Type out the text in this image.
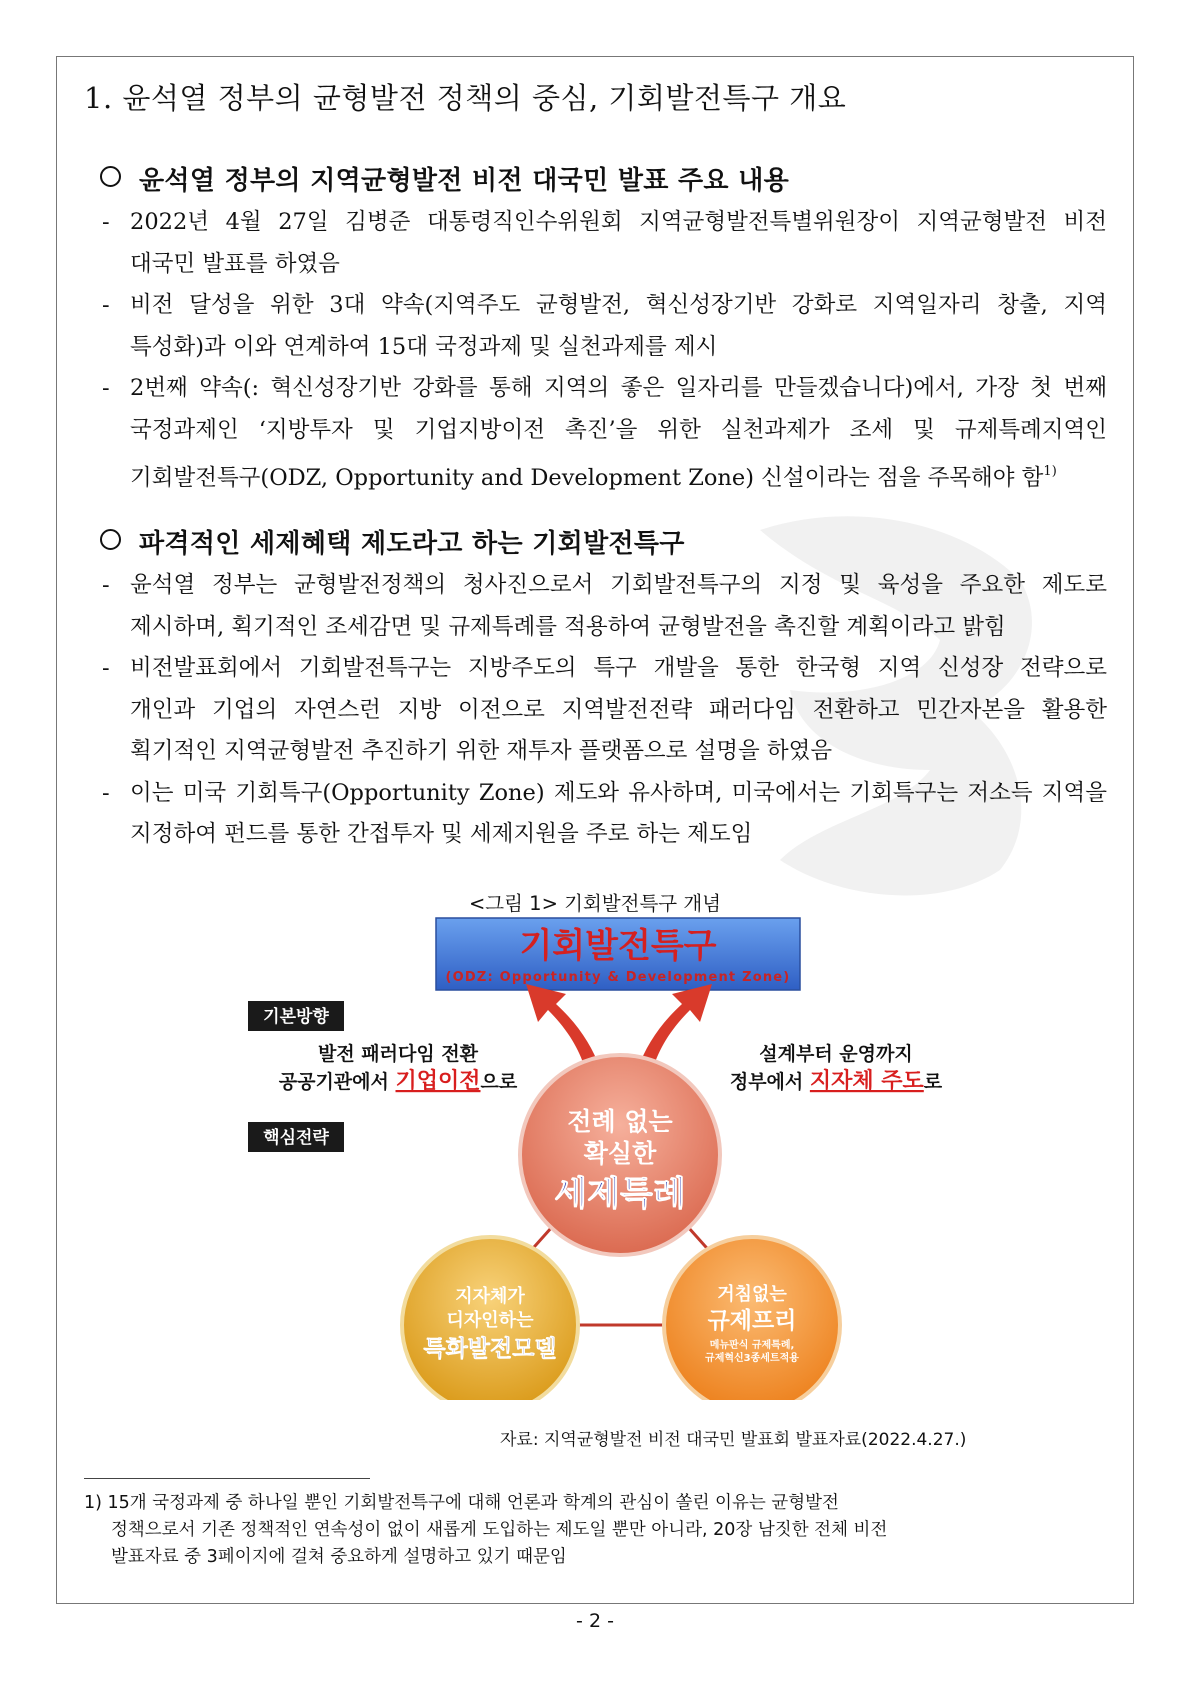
1. 윤석열 정부의 균형발전 정책의 중심, 기회발전특구 개요
윤석열 정부의 지역균형발전 비전 대국민 발표 주요 내용
- 2022년 4월 27일 김병준 대통령직인수위원회 지역균형발전특별위원장이 지역균형발전 비전
대국민 발표를 하였음
- 비전 달성을 위한 3대 약속(지역주도 균형발전, 혁신성장기반 강화로 지역일자리 창출, 지역
특성화)과 이와 연계하여 15대 국정과제 및 실천과제를 제시
- 2번째 약속(: 혁신성장기반 강화를 통해 지역의 좋은 일자리를 만들겠습니다)에서, 가장 첫 번째
국정과제인 ‘지방투자 및 기업지방이전 촉진’을 위한 실천과제가 조세 및 규제특례지역인
기회발전특구(ODZ, Opportunity and Development Zone) 신설이라는 점을 주목해야 함$^{1)}$
파격적인 세제혜택 제도라고 하는 기회발전특구
- 윤석열 정부는 균형발전정책의 청사진으로서 기회발전특구의 지정 및 육성을 주요한 제도로
제시하며, 획기적인 조세감면 및 규제특례를 적용하여 균형발전을 촉진할 계획이라고 밝힘
- 비전발표회에서 기회발전특구는 지방주도의 특구 개발을 통한 한국형 지역 신성장 전략으로
개인과 기업의 자연스런 지방 이전으로 지역발전전략 패러다임 전환하고 민간자본을 활용한
획기적인 지역균형발전 추진하기 위한 재투자 플랫폼으로 설명을 하였음
- 이는 미국 기회특구(Opportunity Zone) 제도와 유사하며, 미국에서는 기회특구는 저소득 지역을
지정하여 펀드를 통한 간접투자 및 세제지원을 주로 하는 제도임
<그림 1> 기회발전특구 개념
기회발전특구
(ODZ: Opportunity & Development Zone)
기본방향
핵심전략
발전 패러다임 전환
공공기관에서 기업이전으로
설계부터 운영까지
정부에서 지자체 주도로
전례 없는
확실한
세제특례
지자체가
디자인하는
특화발전모델
거침없는
규제프리
메뉴판식 규제특례,
규제혁신3종세트적용
자료: 지역균형발전 비전 대국민 발표회 발표자료(2022.4.27.)
1) 15개 국정과제 중 하나일 뿐인 기회발전특구에 대해 언론과 학계의 관심이 쏠린 이유는 균형발전
정책으로서 기존 정책적인 연속성이 없이 새롭게 도입하는 제도일 뿐만 아니라, 20장 남짓한 전체 비전
발표자료 중 3페이지에 걸쳐 중요하게 설명하고 있기 때문임
- 2 -
